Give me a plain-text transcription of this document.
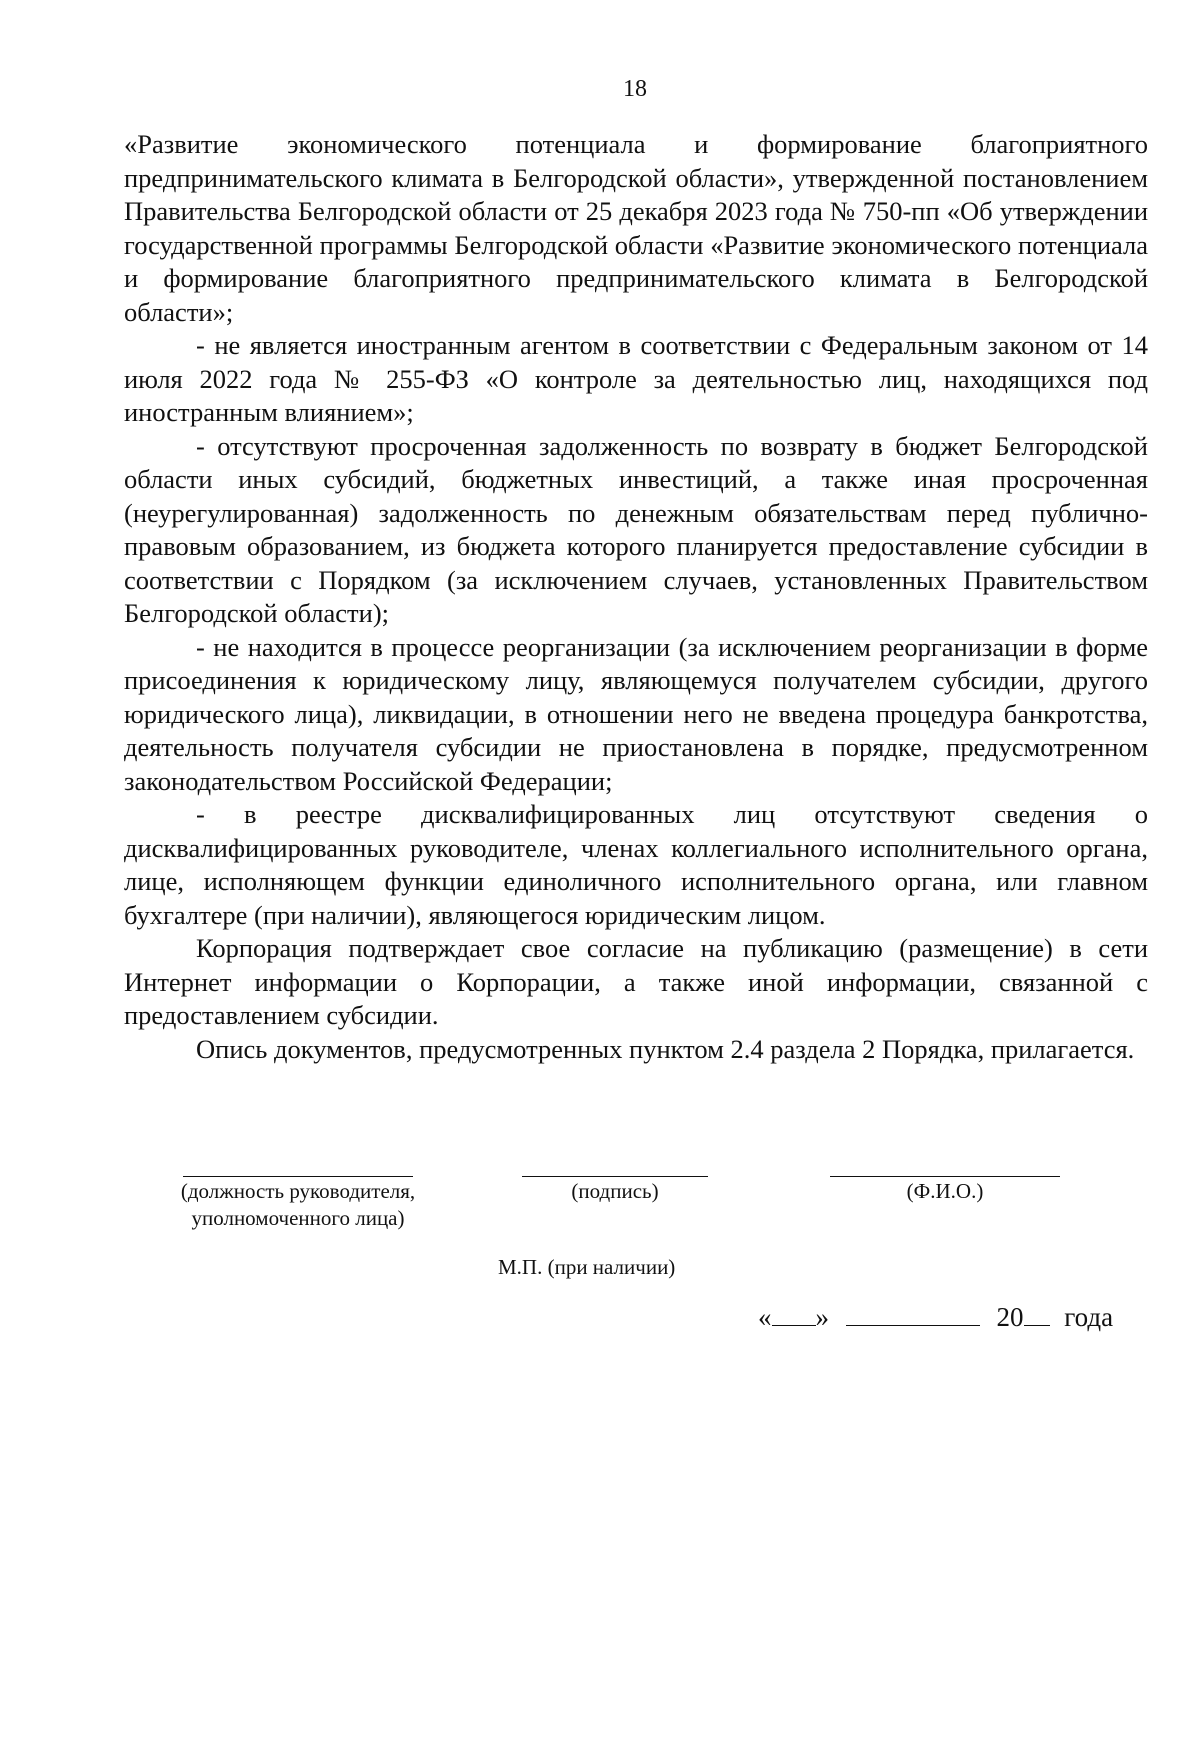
18

«Развитие экономического потенциала и формирование благоприятного предпринимательского климата в Белгородской области», утвержденной постановлением Правительства Белгородской области от 25 декабря 2023 года № 750-пп «Об утверждении государственной программы Белгородской области «Развитие экономического потенциала и формирование благоприятного предпринимательского климата в Белгородской области»;

- не является иностранным агентом в соответствии с Федеральным законом от 14 июля 2022 года № 255-ФЗ «О контроле за деятельностью лиц, находящихся под иностранным влиянием»;

- отсутствуют просроченная задолженность по возврату в бюджет Белгородской области иных субсидий, бюджетных инвестиций, а также иная просроченная (неурегулированная) задолженность по денежным обязательствам перед публично-правовым образованием, из бюджета которого планируется предоставление субсидии в соответствии с Порядком (за исключением случаев, установленных Правительством Белгородской области);

- не находится в процессе реорганизации (за исключением реорганизации в форме присоединения к юридическому лицу, являющемуся получателем субсидии, другого юридического лица), ликвидации, в отношении него не введена процедура банкротства, деятельность получателя субсидии не приостановлена в порядке, предусмотренном законодательством Российской Федерации;

- в реестре дисквалифицированных лиц отсутствуют сведения о дисквалифицированных руководителе, членах коллегиального исполнительного органа, лице, исполняющем функции единоличного исполнительного органа, или главном бухгалтере (при наличии), являющегося юридическим лицом.

Корпорация подтверждает свое согласие на публикацию (размещение) в сети Интернет информации о Корпорации, а также иной информации, связанной с предоставлением субсидии.

Опись документов, предусмотренных пунктом 2.4 раздела 2 Порядка, прилагается.

(должность руководителя, уполномоченного лица)
(подпись)	(Ф.И.О.)
М.П. (при наличии)
« »	20 года
